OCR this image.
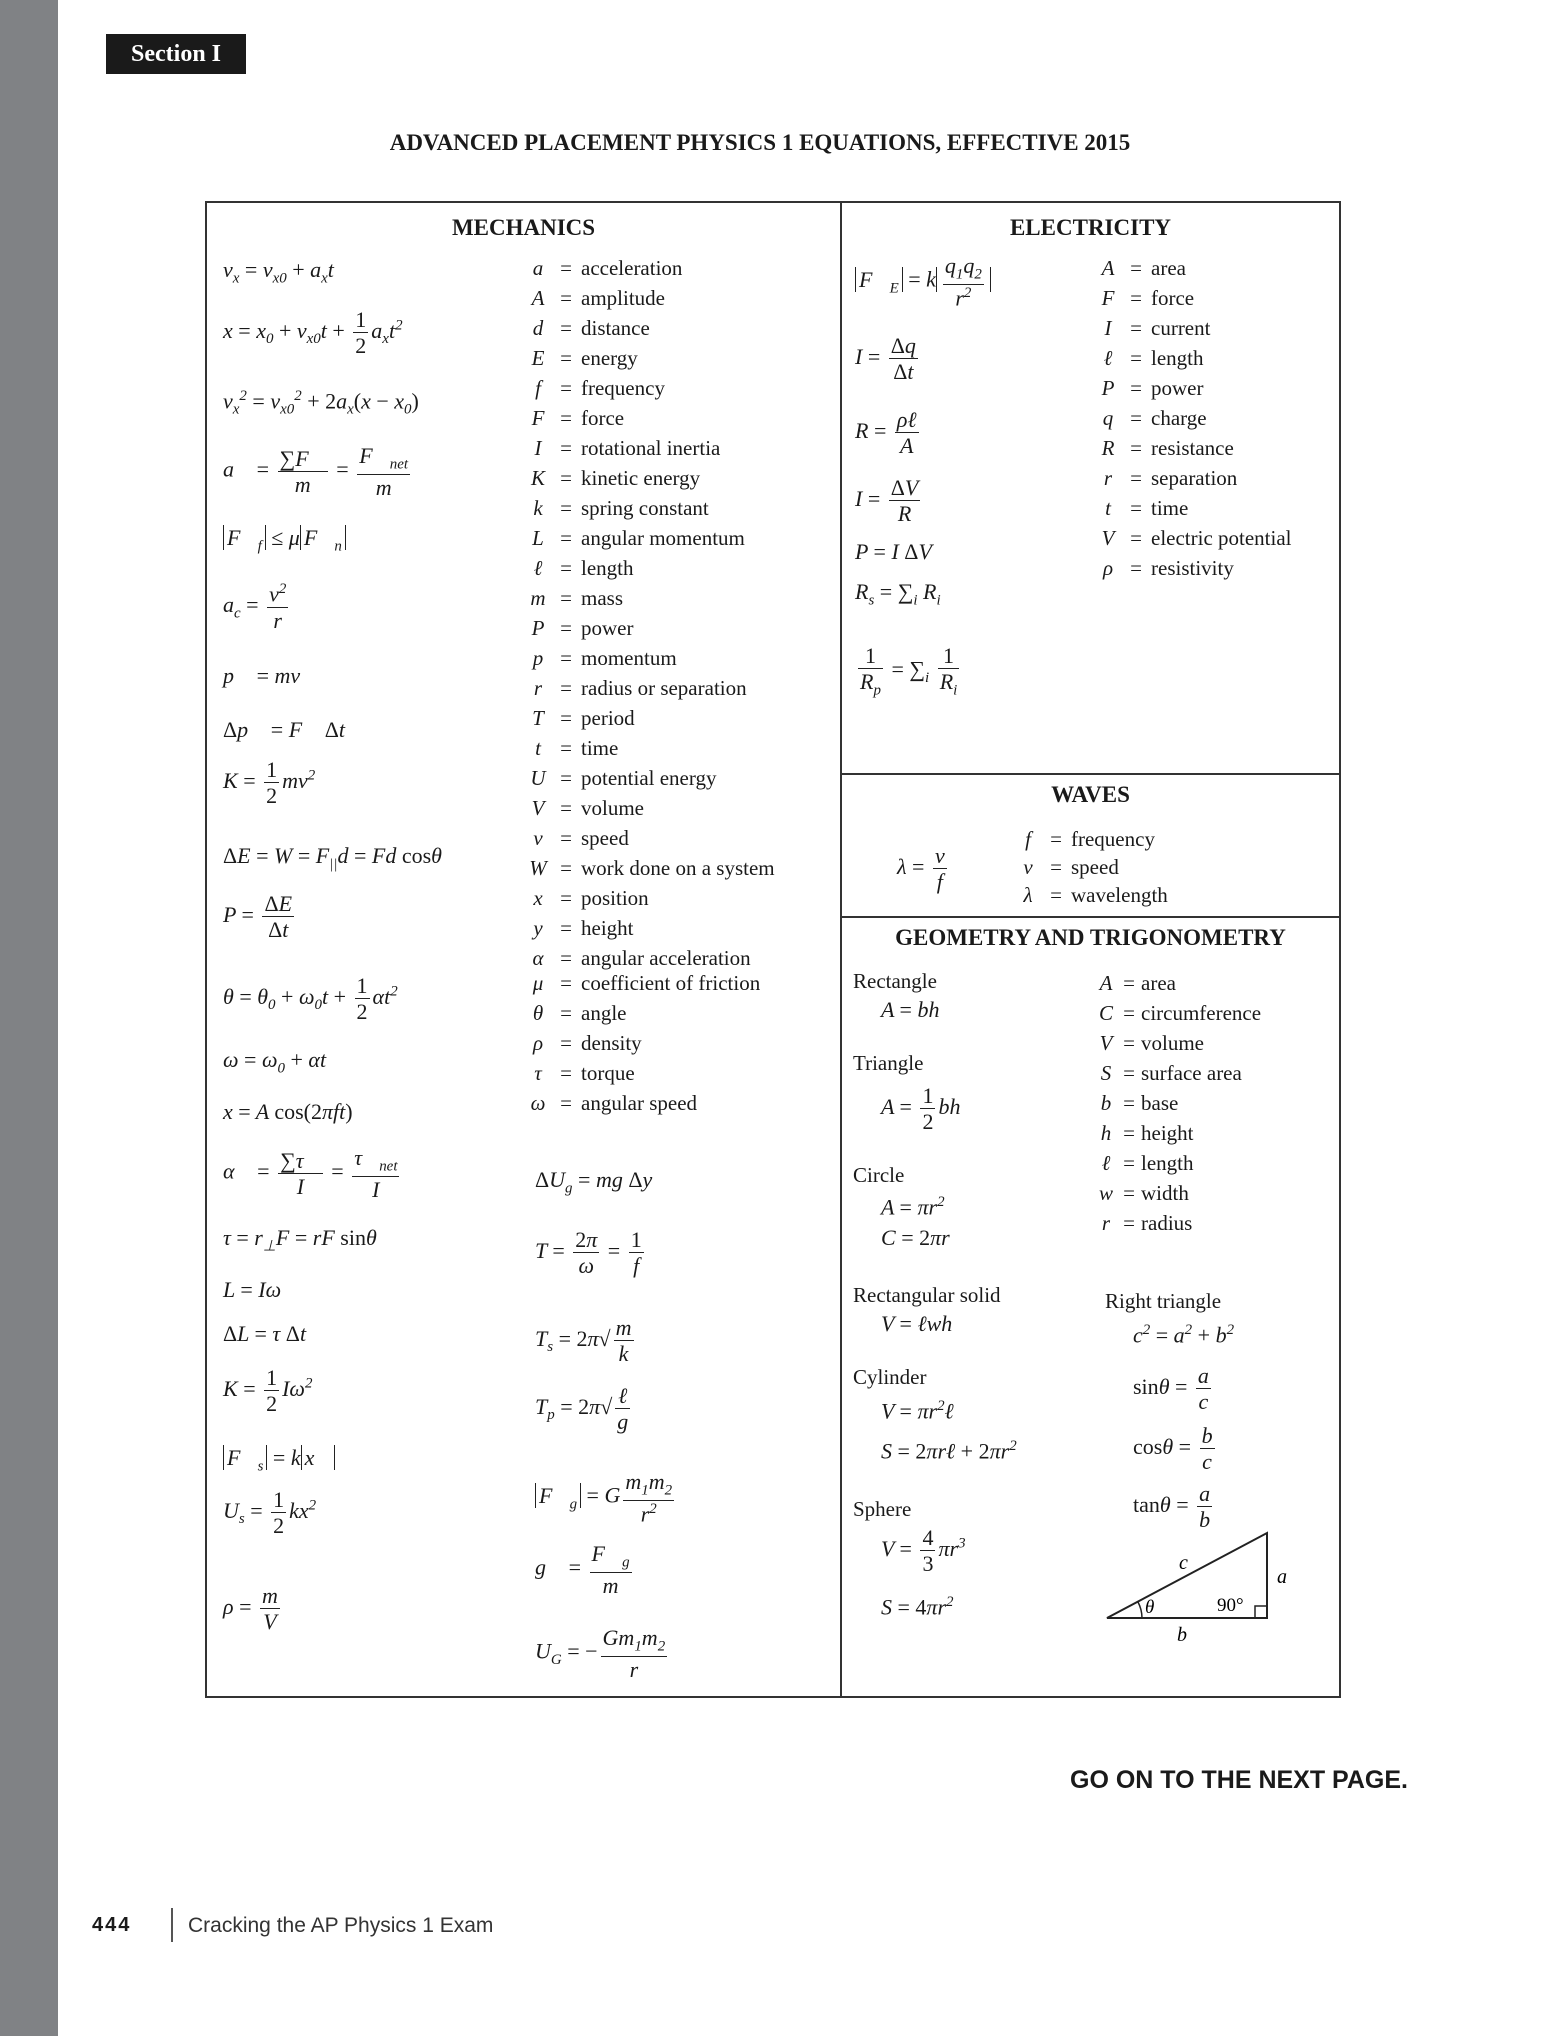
Section I
ADVANCED PLACEMENT PHYSICS 1 EQUATIONS, EFFECTIVE 2015
MECHANICS	ELECTRICITY
WAVES
GEOMETRY AND TRIGONOMETRY
$v_x = v_{x0} + a_xt$
$x = x_0 + v_{x0}t + \frac{1}{2} a_xt^2$
$v_x^2 = v_{x0}^2 + 2a_x(x - x_0)$
a⃗ = $\frac{\sum F⃗}{m} = \frac{F⃗_{net}}{m}$
$F⃗_f \le \mu$ $F⃗_n$
$a_c = \frac{v^2}{r}$
p⃗ = mv⃗
Δp⃗ = F⃗ Δt
$K = \frac{1}{2} mv^2$
$\Delta E = W = F_{||}d = Fd$ cosθ
$P = \frac{\Delta E}{\Delta t}$
$\theta = \theta_0 + \omega_0t + \frac{1}{2} \alpha t^2$
$\omega = \omega_0 + \alpha t$
x = A cos(2πft)
α⃗ = $\frac{\sum\tau⃗}{I} = \frac{\tau⃗_{net}}{I}$
$\tau = r_\perp F$ = rF sinθ
L = Iω
ΔL = τ Δt
$K = \frac{1}{2} I\omega^2$
$F⃗_s = k$ x⃗
$U_s = \frac{1}{2} kx^2$
$\rho = \frac{m}{V}$
a = acceleration
A = amplitude
d = distance
E = energy
f = frequency
F = force
I = rotational inertia
K = kinetic energy
k = spring constant
L = angular momentum
ℓ = length
m = mass
P = power
p = momentum
r = radius or separation
T = period
t = time
U = potential energy
V = volume
v = speed
W = work done on a system
x = position
y = height
α = angular acceleration
μ = coefficient of friction
θ = angle
ρ = density
τ = torque
ω = angular speed
$\Delta U_g$ = mg Δy
$T = \frac{2\pi}{\omega} = \frac{1}{f}$
$T_s = 2\pi√ \frac{m}{k}$
$T_p = 2\pi√ \frac{\text{ℓ}}{g}$
$F⃗_g = G \frac{m_1m_2}{r^2}$
g⃗ = $\frac{F⃗_g}{m}$
$U_G$ = − $\frac{Gm_1m_2}{r}$
$F⃗_E = k \frac{q_1q_2}{r^2}$
$I = \frac{\Delta q}{\Delta t}$
$R = \frac{\text{ρℓ}}{A}$
$I = \frac{\Delta V}{R}$
P = I ΔV
$R_s = \sum_i$ $R_i$
$\frac{1}{R_p} = \sum_i \frac{1}{R_i}$
A = area
F = force
I = current
ℓ = length
P = power
q = charge
R = resistance
r = separation
t = time
V = electric potential
ρ = resistivity
$\lambda = \frac{v}{f}$
f = frequency
v = speed
λ = wavelength
Rectangle
A = bh
Triangle
$A = \frac{1}{2}$ bh
Circle
$A = \pi r^2$
C = 2πr
Rectangular solid
V = ℓwh
Cylinder
$V = \pi r^2\ell$
S = 2πrℓ + $2\pi r^2$
Sphere
$V = \frac{4}{3} \pi r^3$
$S = 4\pi r^2$
A = area
C = circumference
V = volume
S = surface area
b = base
h = height
ℓ = length
w = width
r = radius
Right triangle
$c^2 = a^2 + b^2$
$\sin\theta = \frac{a}{c}$
$\cos\theta = \frac{b}{c}$
$\tan\theta = \frac{a}{b}$
c
a
b
θ	90°
GO ON TO THE NEXT PAGE.
444	Cracking the AP Physics 1 Exam
